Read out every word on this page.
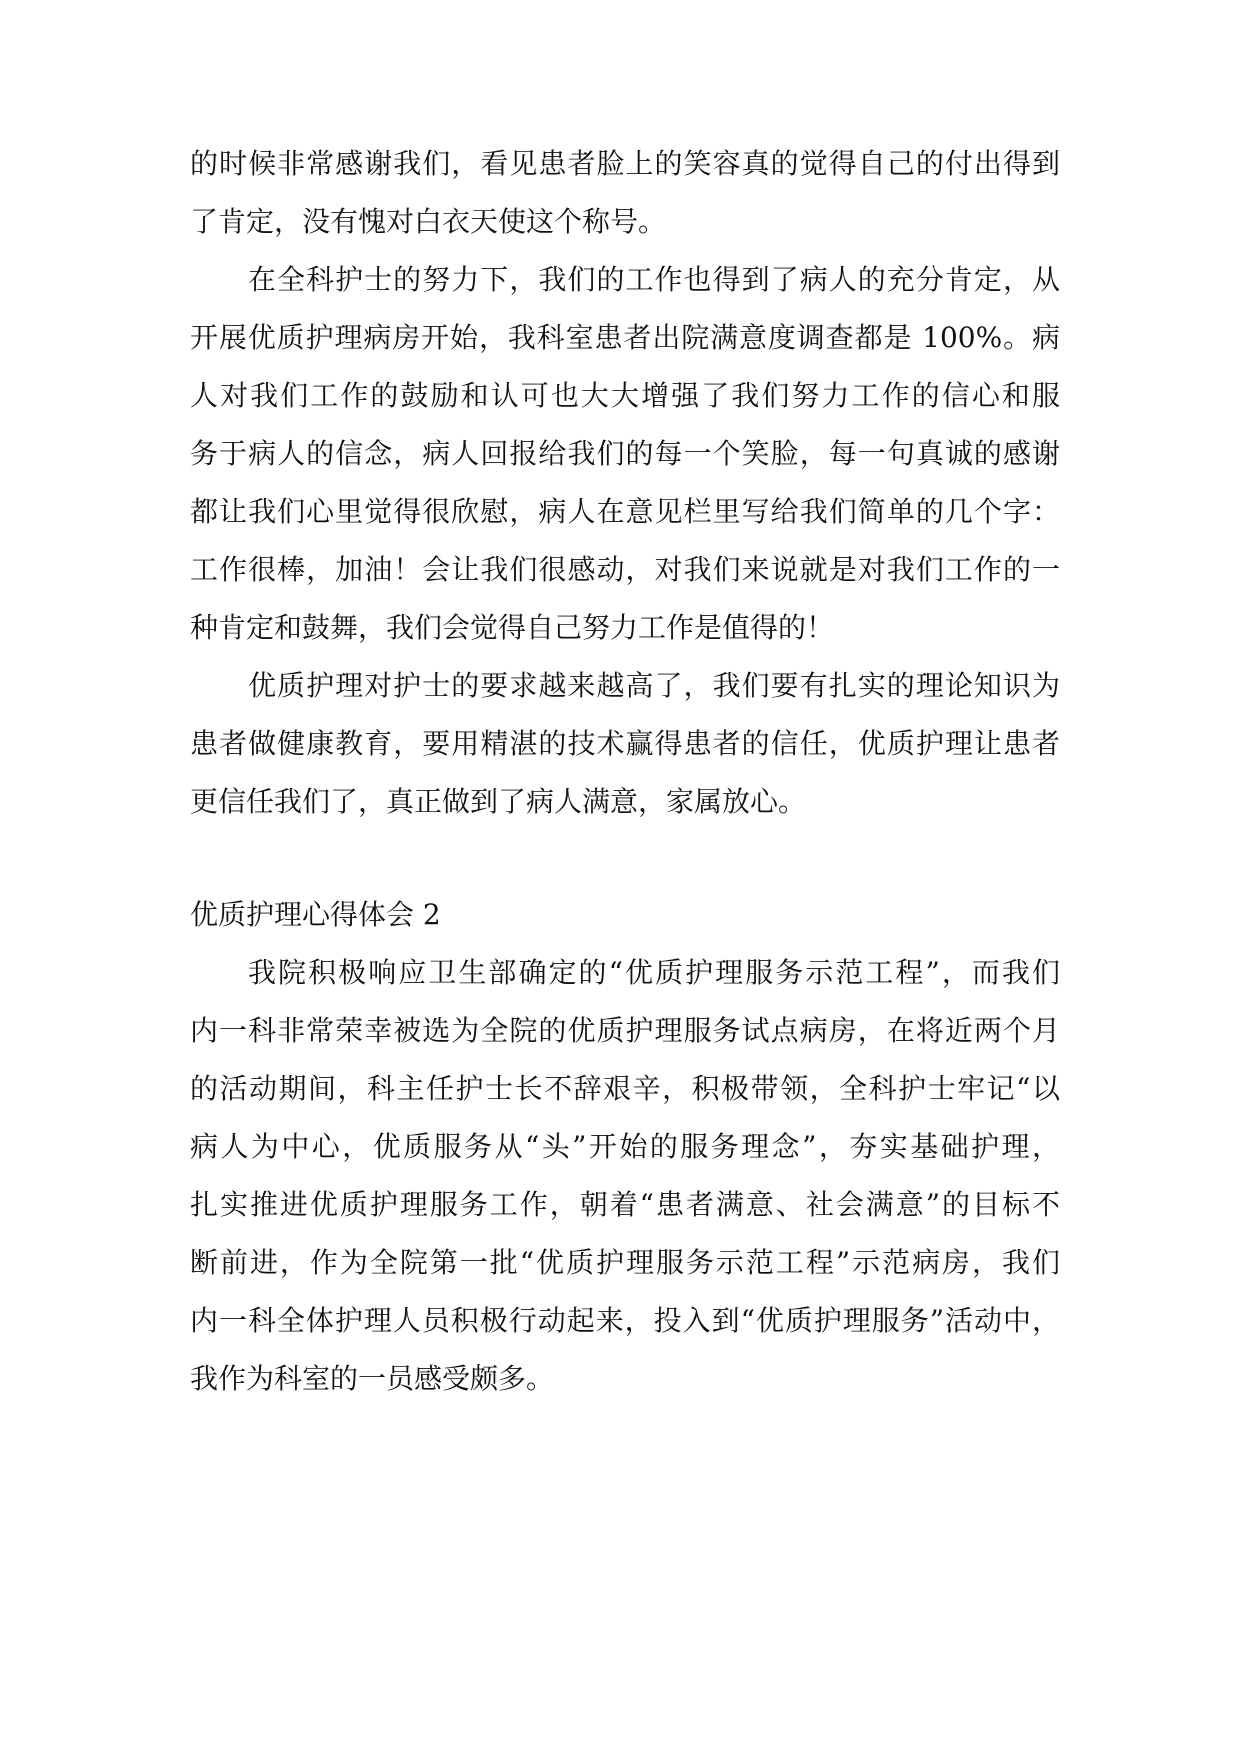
的时候非常感谢我们，看见患者脸上的笑容真的觉得自己的付出得到
了肯定，没有愧对白衣天使这个称号。
在全科护士的努力下，我们的工作也得到了病人的充分肯定，从
开展优质护理病房开始，我科室患者出院满意度调查都是 100%。病
人对我们工作的鼓励和认可也大大增强了我们努力工作的信心和服
务于病人的信念，病人回报给我们的每一个笑脸，每一句真诚的感谢
都让我们心里觉得很欣慰，病人在意见栏里写给我们简单的几个字：
工作很棒，加油！会让我们很感动，对我们来说就是对我们工作的一
种肯定和鼓舞，我们会觉得自己努力工作是值得的！
优质护理对护士的要求越来越高了，我们要有扎实的理论知识为
患者做健康教育，要用精湛的技术赢得患者的信任，优质护理让患者
更信任我们了，真正做到了病人满意，家属放心。
优质护理心得体会 2
我院积极响应卫生部确定的“优质护理服务示范工程”，而我们
内一科非常荣幸被选为全院的优质护理服务试点病房，在将近两个月
的活动期间，科主任护士长不辞艰辛，积极带领，全科护士牢记“以
病人为中心，优质服务从“头”开始的服务理念”，夯实基础护理，
扎实推进优质护理服务工作，朝着“患者满意、社会满意”的目标不
断前进，作为全院第一批“优质护理服务示范工程”示范病房，我们
内一科全体护理人员积极行动起来，投入到“优质护理服务”活动中，
我作为科室的一员感受颇多。
